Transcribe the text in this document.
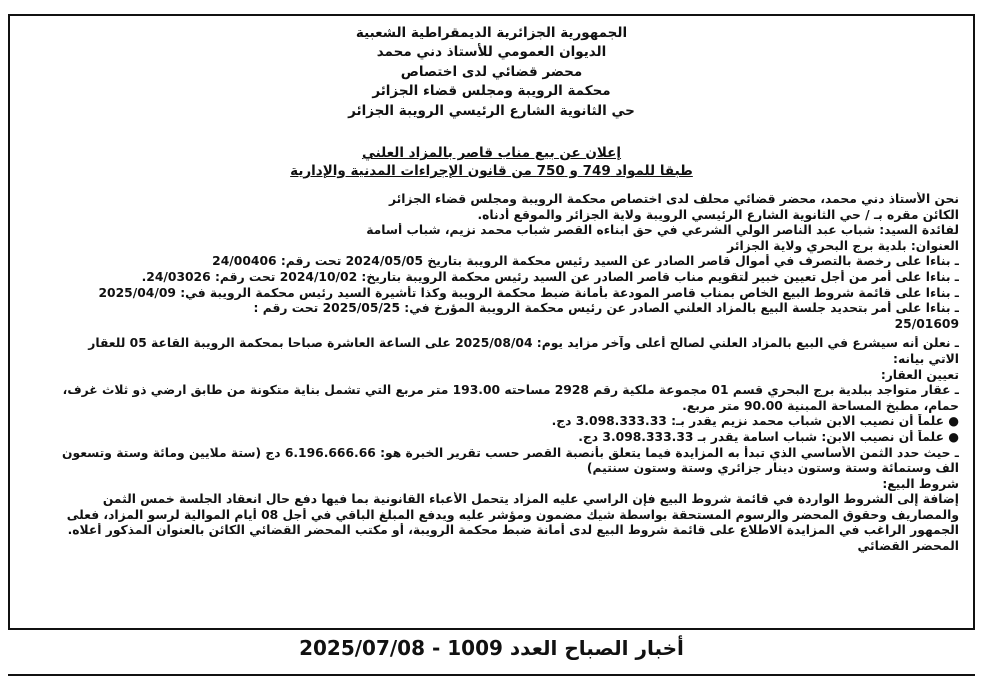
الجمهورية الجزائرية الديمقراطية الشعبية
الديوان العمومي للأستاذ دني محمد
محضر قضائي لدى اختصاص
محكمة الرويبة ومجلس قضاء الجزائر
حي الثانوية الشارع الرئيسي الرويبة الجزائر
إعلان عن بيع مناب قاصر بالمزاد العلني
طبقا للمواد 749 و 750 من قانون الإجراءات المدنية والإدارية
نحن الأستاذ دني محمد، محضر قضائي محلف لدى اختصاص محكمة الرويبة ومجلس قضاء الجزائر
الكائن مقره بـ / حي الثانوية الشارع الرئيسي الرويبة ولاية الجزائر والموقع أدناه.
لفائدة السيد: شباب عبد الناصر الولي الشرعي في حق ابناءه القصر شباب محمد نزيم، شباب أسامة
العنوان: بلدية برج البحري ولاية الجزائر
ـ بناءا على رخصة بالتصرف في أموال قاصر الصادر عن السيد رئيس محكمة الرويبة بتاريخ 2024/05/05 تحت رقم: 24/00406
ـ بناءا على أمر من أجل تعيين خبير لتقويم مناب قاصر الصادر عن السيد رئيس محكمة الرويبة بتاريخ: 2024/10/02 تحت رقم: 24/03026.
ـ بناءا على قائمة شروط البيع الخاص بمناب قاصر المودعة بأمانة ضبط محكمة الرويبة وكذا تأشيرة السيد رئيس محكمة الرويبة في: 2025/04/09
ـ بناءا على أمر بتحديد جلسة البيع بالمزاد العلني الصادر عن رئيس محكمة الرويبة المؤرخ في: 2025/05/25 تحت رقم :
25/01609
ـ نعلن أنه سيشرع في البيع بالمزاد العلني لصالح أعلى وآخر مزايد يوم: 2025/08/04 على الساعة العاشرة صباحا بمحكمة الرويبة القاعة 05 للعقار
الاتي بيانه:
تعيين العقار:
ـ عقار متواجد ببلدية برج البحري قسم 01 مجموعة ملكية رقم 2928 مساحته 193.00 متر مربع التي تشمل بناية متكونة من طابق ارضي ذو ثلاث غرف،
حمام، مطبخ المساحة المبنية 90.00 متر مربع.
● علماً أن نصيب الابن شباب محمد نزيم يقدر بـ: 3.098.333.33 دج.
● علماً أن نصيب الابن: شباب اسامة يقدر بـ 3.098.333.33 دج.
ـ حيث حدد الثمن الأساسي الذي تبدأ به المزايدة فيما يتعلق بأنصبة القصر حسب تقرير الخبرة هو: 6.196.666.66 دج (ستة ملايين ومائة وستة وتسعون
الف وستمائة وستة وستون دينار جزائري وستة وستون سنتيم)
شروط البيع:
إضافة إلى الشروط الواردة في قائمة شروط البيع فإن الراسي عليه المزاد يتحمل الأعباء القانونية بما فيها دفع حال انعقاد الجلسة خمس الثمن
والمصاريف وحقوق المحضر والرسوم المستحقة بواسطة شيك مضمون ومؤشر عليه ويدفع المبلغ الباقي في أجل 08 أيام الموالية لرسو المزاد، فعلى
الجمهور الراغب في المزايدة الاطلاع على قائمة شروط البيع لدى أمانة ضبط محكمة الرويبة، أو مكتب المحضر القضائي الكائن بالعنوان المذكور أعلاه.
المحضر القضائي
أخبار الصباح العدد 1009 - 2025/07/08
